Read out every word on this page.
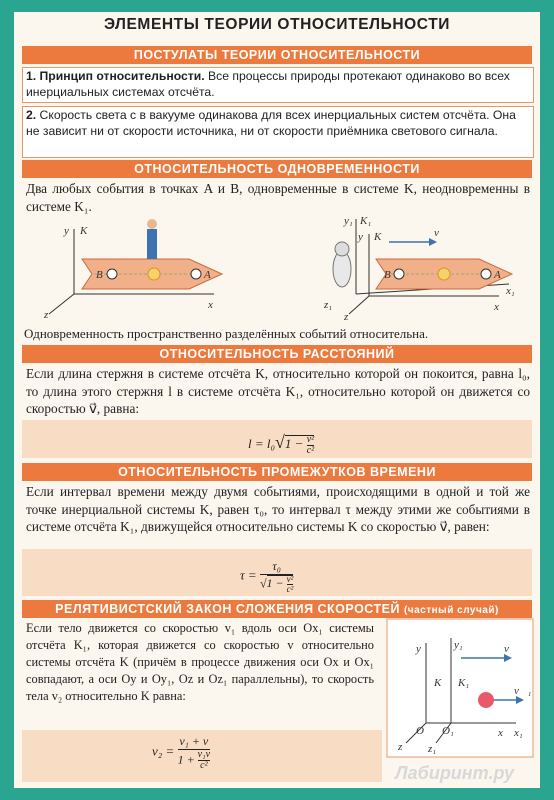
ЭЛЕМЕНТЫ ТЕОРИИ ОТНОСИТЕЛЬНОСТИ
ПОСТУЛАТЫ ТЕОРИИ ОТНОСИТЕЛЬНОСТИ
1. Принцип относительности. Все процессы природы протекают одинаково во всех инерциальных системах отсчёта.
2. Скорость света c в вакууме одинакова для всех инерциальных систем отсчёта. Она не зависит ни от скорости источника, ни от скорости приёмника светового сигнала.
ОТНОСИТЕЛЬНОСТЬ ОДНОВРЕМЕННОСТИ
Два любых события в точках A и B, одновременные в системе K, неодновременны в системе K₁.
y K
x
z
B	A
y₁ K₁
y K	v⃗
x
x₁
z₁
z
B	A
Одновременность пространственно разделённых событий относительна.
ОТНОСИТЕЛЬНОСТЬ РАССТОЯНИЙ
Если длина стержня в системе отсчёта K, относительно которой он покоится, равна l₀, то длина этого стержня l в системе отсчёта K₁, относительно которой он движется со скоростью v⃗, равна:
$l = l_0√1 - \frac{\text{v²}}{\text{c²}}$
ОТНОСИТЕЛЬНОСТЬ ПРОМЕЖУТКОВ ВРЕМЕНИ
Если интервал времени между двумя событиями, происходящими в одной и той же точке инерциальной системы K, равен τ₀, то интервал τ между этими же событиями в системе отсчёта K₁, движущейся относительно системы K со скоростью v⃗, равен:
$\tau = \frac{\text{τ₀}}{√1 - \frac{\text{v²}}{\text{c²}}}$
РЕЛЯТИВИСТСКИЙ ЗАКОН СЛОЖЕНИЯ СКОРОСТЕЙ (частный случай)
Если тело движется со скоростью v₁ вдоль оси Ox₁ системы отсчёта K₁, которая движется со скоростью v относительно системы отсчёта K (причём в процессе движения оси Ox и Ox₁ совпадают, а оси Oy и Oy₁, Oz и Oz₁ параллельны), то скорость тела v₂ относительно K равна:
$v_2 = \frac{\text{v₁ + v}}{1 + \frac{\text{v₁v}}{\text{c²}}}$
y	y₁
K K₁
v⃗
v⃗₁
O O₁	x x₁
z z₁
Лабиринт.ру
